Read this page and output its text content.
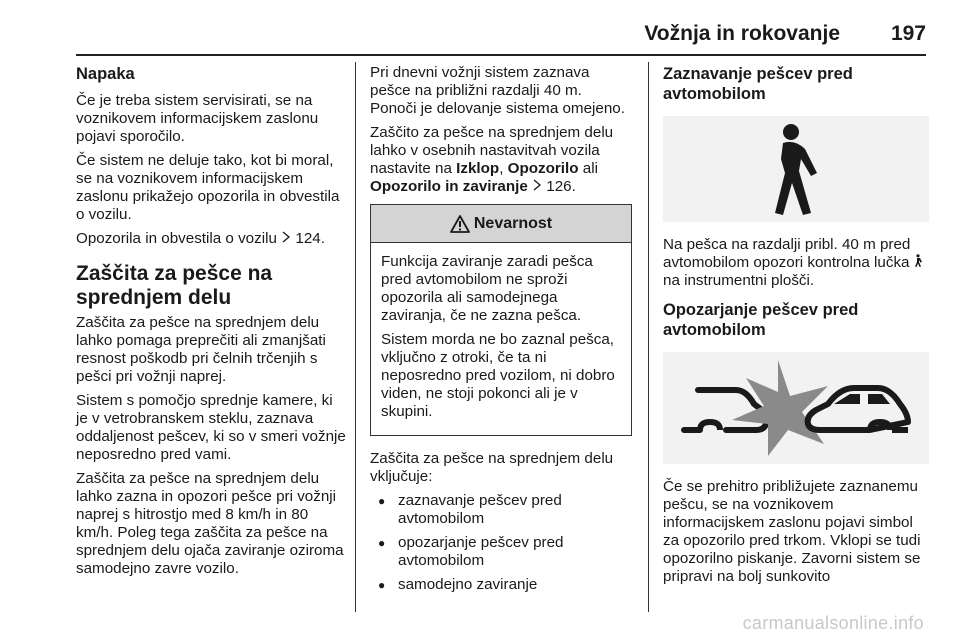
Vožnja in rokovanje 197
Napaka

Če je treba sistem servisirati, se na voznikovem informacijskem zaslonu pojavi sporočilo.

Če sistem ne deluje tako, kot bi moral, se na voznikovem informacijskem zaslonu prikažejo opozorila in obvestila o vozilu.

Opozorila in obvestila o vozilu 124.

Zaščita za pešce na sprednjem delu

Zaščita za pešce na sprednjem delu lahko pomaga preprečiti ali zmanjšati resnost poškodb pri čelnih trčenjih s pešci pri vožnji naprej.

Sistem s pomočjo sprednje kamere, ki je v vetrobranskem steklu, zaznava oddaljenost pešcev, ki so v smeri vožnje neposredno pred vami.

Zaščita za pešce na sprednjem delu lahko zazna in opozori pešce pri vožnji naprej s hitrostjo med 8 km/h in 80 km/h. Poleg tega zaščita za pešce na sprednjem delu ojača zaviranje oziroma samodejno zavre vozilo.

Pri dnevni vožnji sistem zaznava pešce na približni razdalji 40 m. Ponoči je delovanje sistema omejeno.

Zaščito za pešce na sprednjem delu lahko v osebnih nastavitvah vozila nastavite na Izklop, Opozorilo ali Opozorilo in zaviranje 126.

Nevarnost

Funkcija zaviranje zaradi pešca pred avtomobilom ne sproži opozorila ali samodejnega zaviranja, če ne zazna pešca.

Sistem morda ne bo zaznal pešca, vključno z otroki, če ta ni neposredno pred vozilom, ni dobro viden, ne stoji pokonci ali je v skupini.

Zaščita za pešce na sprednjem delu vključuje:

● zaznavanje pešcev pred avtomobilom
● opozarjanje pešcev pred avtomobilom
● samodejno zaviranje
Zaznavanje pešcev pred avtomobilom

Na pešca na razdalji pribl. 40 m pred avtomobilom opozori kontrolna lučka  na instrumentni plošči.

Opozarjanje pešcev pred avtomobilom

Če se prehitro približujete zaznanemu pešcu, se na voznikovem informacijskem zaslonu pojavi simbol za opozorilo pred trkom. Vklopi se tudi opozorilno piskanje. Zavorni sistem se pripravi na bolj sunkovito

carmanualsonline.info
